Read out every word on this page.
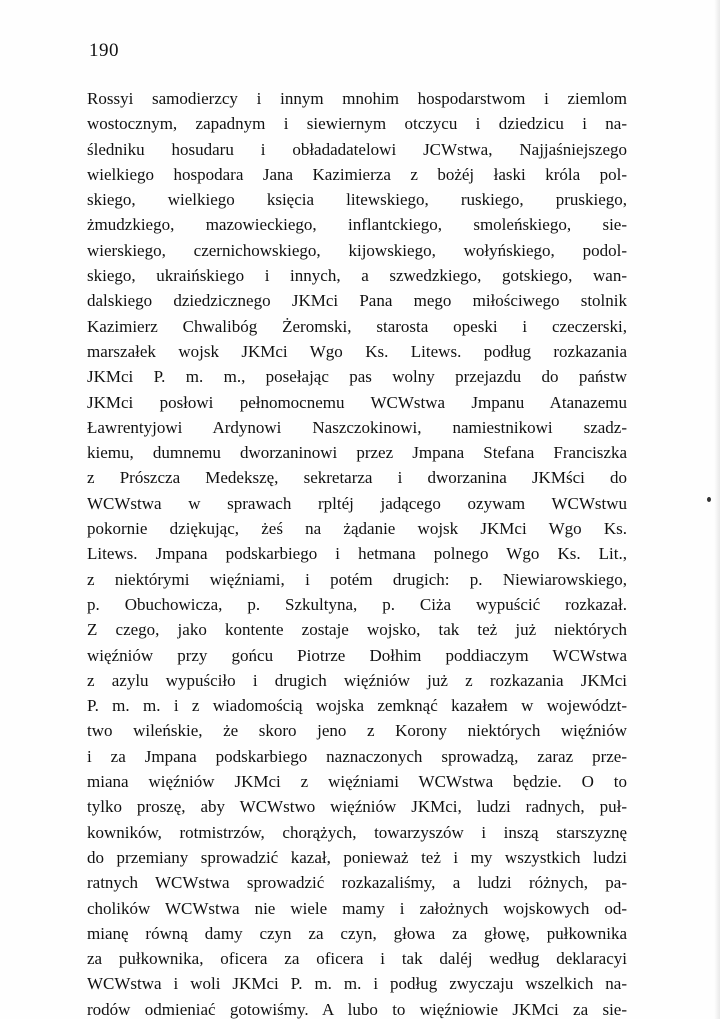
190
Rossyi samodierzcy i innym mnohim hospodarstwom i ziemlom
wostocznym, zapadnym i siewiernym otczycu i dziedzicu i na-
śledniku hosudaru i obładadatelowi JCWstwa, Najjaśniejszego
wielkiego hospodara Jana Kazimierza z bożéj łaski króla pol-
skiego, wielkiego księcia litewskiego, ruskiego, pruskiego,
żmudzkiego, mazowieckiego, inflantckiego, smoleńskiego, sie-
wierskiego, czernichowskiego, kijowskiego, wołyńskiego, podol-
skiego, ukraińskiego i innych, a szwedzkiego, gotskiego, wan-
dalskiego dziedzicznego JKMci Pana mego miłościwego stolnik
Kazimierz Chwalibóg Żeromski, starosta opeski i czeczerski,
marszałek wojsk JKMci Wgo Ks. Litews. podług rozkazania
JKMci P. m. m., posełając pas wolny przejazdu do państw
JKMci posłowi pełnomocnemu WCWstwa Jmpanu Atanazemu
Ławrentyjowi Ardynowi Naszczokinowi, namiestnikowi szadz-
kiemu, dumnemu dworzaninowi przez Jmpana Stefana Franciszka
z Prószcza Medekszę, sekretarza i dworzanina JKMści do
WCWstwa w sprawach rpltéj jadącego ozywam WCWstwu
pokornie dziękując, żeś na żądanie wojsk JKMci Wgo Ks.
Litews. Jmpana podskarbiego i hetmana polnego Wgo Ks. Lit.,
z niektórymi więźniami, i potém drugich: p. Niewiarowskiego,
p. Obuchowicza, p. Szkultyna, p. Ciża wypuścić rozkazał.
Z czego, jako kontente zostaje wojsko, tak też już niektórych
więźniów przy gońcu Piotrze Dołhim poddiaczym WCWstwa
z azylu wypuściło i drugich więźniów już z rozkazania JKMci
P. m. m. i z wiadomością wojska zemknąć kazałem w województ-
two wileńskie, że skoro jeno z Korony niektórych więźniów
i za Jmpana podskarbiego naznaczonych sprowadzą, zaraz prze-
miana więźniów JKMci z więźniami WCWstwa będzie. O to
tylko proszę, aby WCWstwo więźniów JKMci, ludzi radnych, puł-
kowników, rotmistrzów, chorążych, towarzyszów i inszą starszyznę
do przemiany sprowadzić kazał, ponieważ też i my wszystkich ludzi
ratnych WCWstwa sprowadzić rozkazaliśmy, a ludzi różnych, pa-
cholików WCWstwa nie wiele mamy i założnych wojskowych od-
mianę równą damy czyn za czyn, głowa za głowę, pułkownika
za pułkownika, oficera za oficera i tak daléj według deklaracyi
WCWstwa i woli JKMci P. m. m. i podług zwyczaju wszelkich na-
rodów odmieniać gotowiśmy. A lubo to więźniowie JKMci za sie-
